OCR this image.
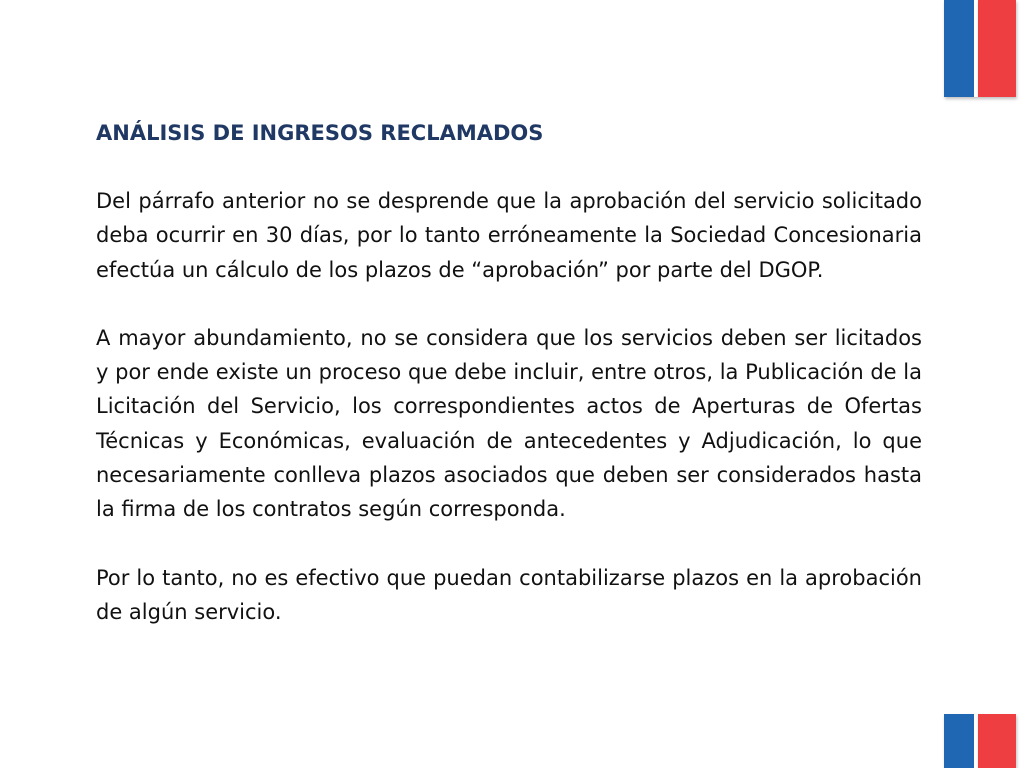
ANÁLISIS DE INGRESOS RECLAMADOS

Del párrafo anterior no se desprende que la aprobación del servicio solicitado deba ocurrir en 30 días, por lo tanto erróneamente la Sociedad Concesionaria efectúa un cálculo de los plazos de “aprobación” por parte del DGOP.

A mayor abundamiento, no se considera que los servicios deben ser licitados y por ende existe un proceso que debe incluir, entre otros, la Publicación de la Licitación del Servicio, los correspondientes actos de Aperturas de Ofertas Técnicas y Económicas, evaluación de antecedentes y Adjudicación, lo que necesariamente conlleva plazos asociados que deben ser considerados hasta la firma de los contratos según corresponda.

Por lo tanto, no es efectivo que puedan contabilizarse plazos en la aprobación de algún servicio.
